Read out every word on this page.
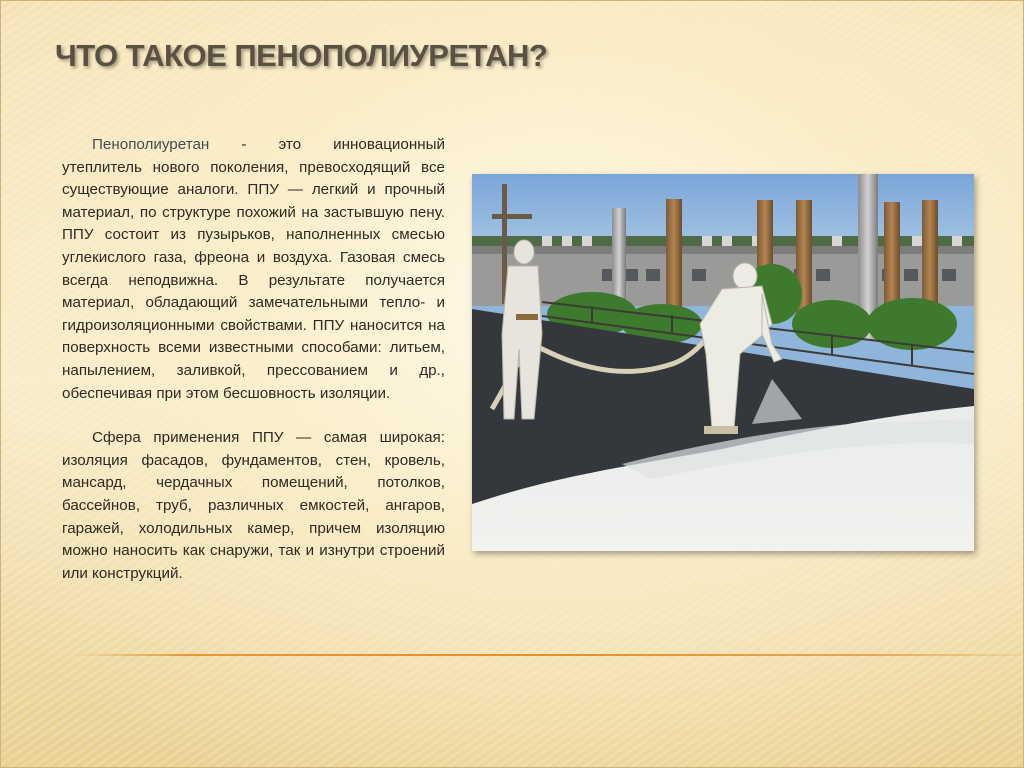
ЧТО ТАКОЕ ПЕНОПОЛИУРЕТАН?

Пенополиуретан - это инновационный утеплитель нового поколения, превосходящий все существующие аналоги. ППУ — легкий и прочный материал, по структуре похожий на застывшую пену. ППУ состоит из пузырьков, наполненных смесью углекислого газа, фреона и воздуха. Газовая смесь всегда неподвижна. В результате получается материал, обладающий замечательными тепло- и гидроизоляционными свойствами. ППУ наносится на поверхность всеми известными способами: литьем, напылением, заливкой, прессованием и др., обеспечивая при этом бесшовность изоляции.

Сфера применения ППУ — самая широкая: изоляция фасадов, фундаментов, стен, кровель, мансард, чердачных помещений, потолков, бассейнов, труб, различных емкостей, ангаров, гаражей, холодильных камер, причем изоляцию можно наносить как снаружи, так и изнутри строений или конструкций.
